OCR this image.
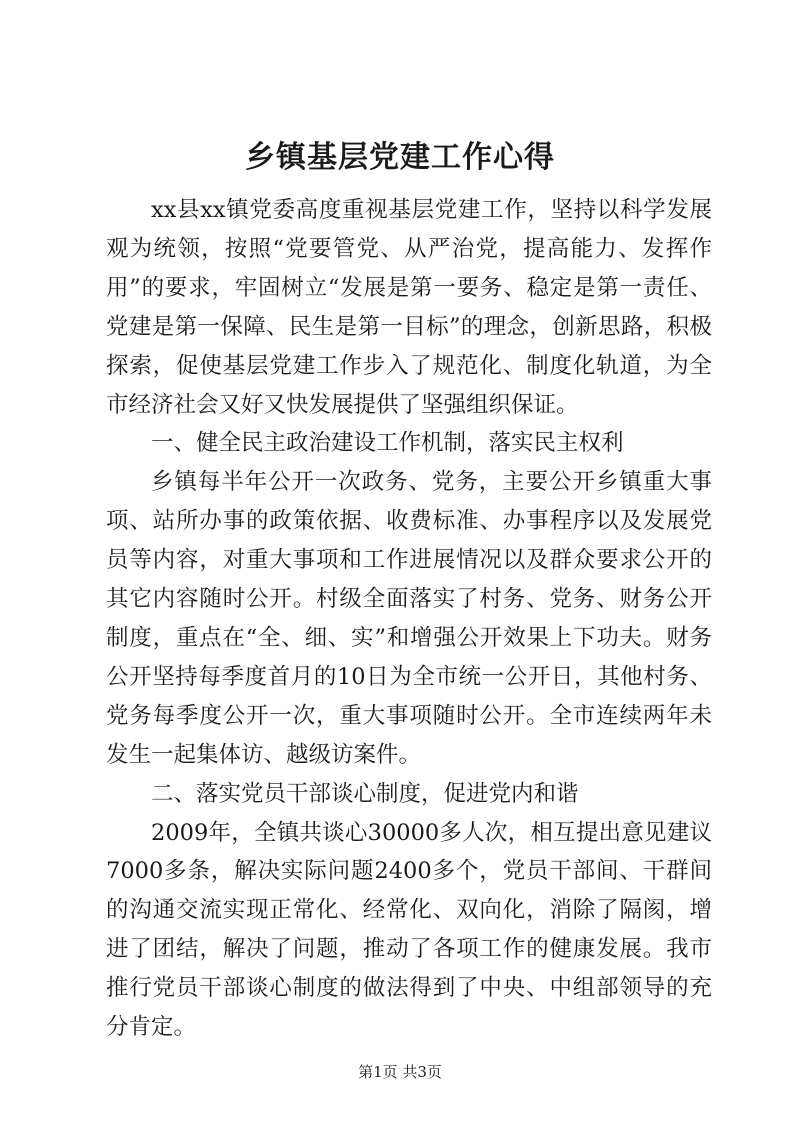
乡镇基层党建工作心得

xx县xx镇党委高度重视基层党建工作，坚持以科学发展观为统领，按照“党要管党、从严治党，提高能力、发挥作用”的要求，牢固树立“发展是第一要务、稳定是第一责任、党建是第一保障、民生是第一目标”的理念，创新思路，积极探索，促使基层党建工作步入了规范化、制度化轨道，为全市经济社会又好又快发展提供了坚强组织保证。

一、健全民主政治建设工作机制，落实民主权利

乡镇每半年公开一次政务、党务，主要公开乡镇重大事项、站所办事的政策依据、收费标准、办事程序以及发展党员等内容，对重大事项和工作进展情况以及群众要求公开的其它内容随时公开。村级全面落实了村务、党务、财务公开制度，重点在“全、细、实”和增强公开效果上下功夫。财务公开坚持每季度首月的10日为全市统一公开日，其他村务、党务每季度公开一次，重大事项随时公开。全市连续两年未发生一起集体访、越级访案件。

二、落实党员干部谈心制度，促进党内和谐

2009年，全镇共谈心30000多人次，相互提出意见建议7000多条，解决实际问题2400多个，党员干部间、干群间的沟通交流实现正常化、经常化、双向化，消除了隔阂，增进了团结，解决了问题，推动了各项工作的健康发展。我市推行党员干部谈心制度的做法得到了中央、中组部领导的充分肯定。

第1页 共3页
